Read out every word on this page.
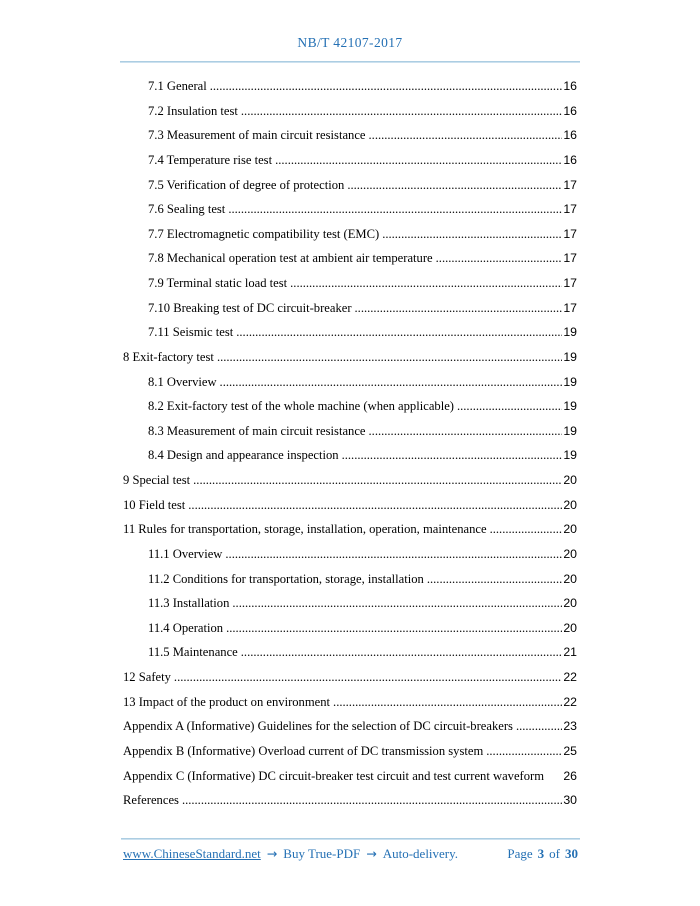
NB/T 42107-2017
7.1 General .....	16
7.2 Insulation test .....	16
7.3 Measurement of main circuit resistance .....	16
7.4 Temperature rise test .....	16
7.5 Verification of degree of protection .....	17
7.6 Sealing test .....	17
7.7 Electromagnetic compatibility test (EMC) .....	17
7.8 Mechanical operation test at ambient air temperature .....	17
7.9 Terminal static load test .....	17
7.10 Breaking test of DC circuit-breaker .....	17
7.11 Seismic test .....	19
8 Exit-factory test .....	19
8.1 Overview .....	19
8.2 Exit-factory test of the whole machine (when applicable) .....	19
8.3 Measurement of main circuit resistance .....	19
8.4 Design and appearance inspection .....	19
9 Special test .....	20
10 Field test .....	20
11 Rules for transportation, storage, installation, operation, maintenance .....	20
11.1 Overview .....	20
11.2 Conditions for transportation, storage, installation .....	20
11.3 Installation .....	20
11.4 Operation .....	20
11.5 Maintenance .....	21
12 Safety .....	22
13 Impact of the product on environment .....	22
Appendix A (Informative) Guidelines for the selection of DC circuit-breakers .....	23
Appendix B (Informative) Overload current of DC transmission system .....	25
Appendix C (Informative) DC circuit-breaker test circuit and test current waveform 26
References .....	30
www.ChineseStandard.net → Buy True-PDF → Auto-delivery.	Page 3 of 30
